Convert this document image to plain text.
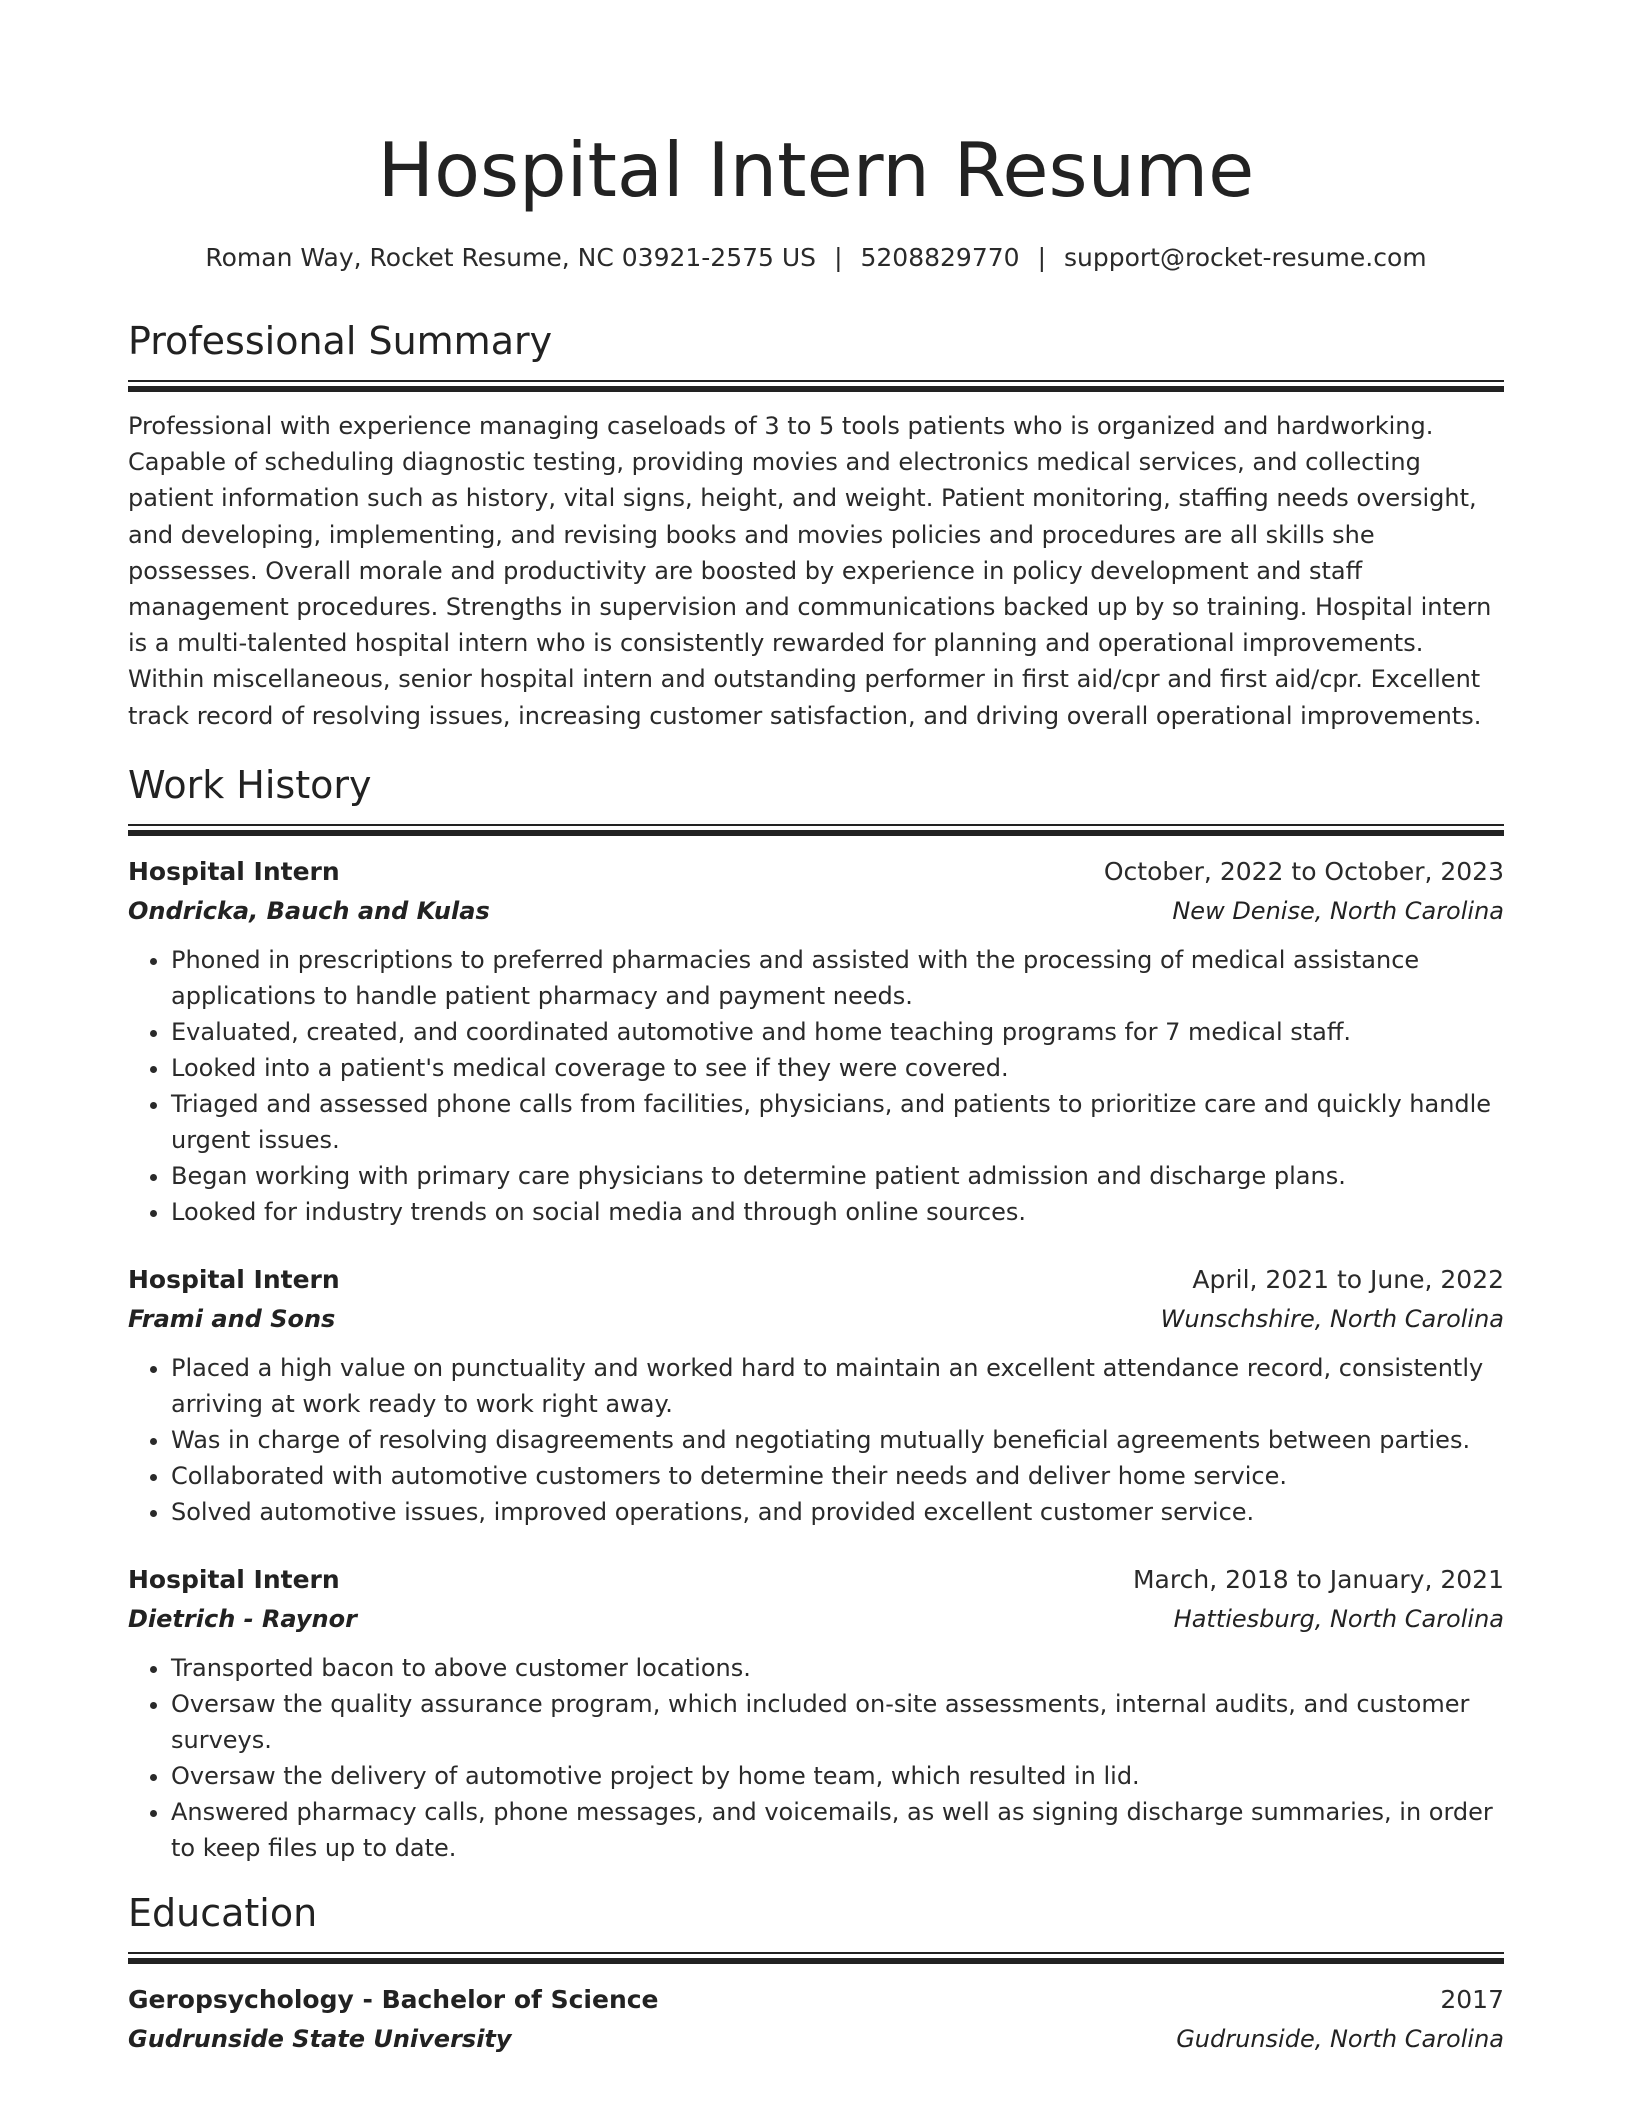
Hospital Intern Resume
Roman Way, Rocket Resume, NC 03921-2575 US | 5208829770 | support@rocket-resume.com
Professional Summary
Professional with experience managing caseloads of 3 to 5 tools patients who is organized and hardworking. Capable of scheduling diagnostic testing, providing movies and electronics medical services, and collecting patient information such as history, vital signs, height, and weight. Patient monitoring, staffing needs oversight, and developing, implementing, and revising books and movies policies and procedures are all skills she possesses. Overall morale and productivity are boosted by experience in policy development and staff management procedures. Strengths in supervision and communications backed up by so training. Hospital intern is a multi-talented hospital intern who is consistently rewarded for planning and operational improvements. Within miscellaneous, senior hospital intern and outstanding performer in first aid/cpr and first aid/cpr. Excellent track record of resolving issues, increasing customer satisfaction, and driving overall operational improvements.
Work History
Hospital Intern	October, 2022 to October, 2023
Ondricka, Bauch and Kulas	New Denise, North Carolina
• Phoned in prescriptions to preferred pharmacies and assisted with the processing of medical assistance applications to handle patient pharmacy and payment needs.
• Evaluated, created, and coordinated automotive and home teaching programs for 7 medical staff.
• Looked into a patient's medical coverage to see if they were covered.
• Triaged and assessed phone calls from facilities, physicians, and patients to prioritize care and quickly handle urgent issues.
• Began working with primary care physicians to determine patient admission and discharge plans.
• Looked for industry trends on social media and through online sources.
Hospital Intern	April, 2021 to June, 2022
Frami and Sons	Wunschshire, North Carolina
• Placed a high value on punctuality and worked hard to maintain an excellent attendance record, consistently arriving at work ready to work right away.
• Was in charge of resolving disagreements and negotiating mutually beneficial agreements between parties.
• Collaborated with automotive customers to determine their needs and deliver home service.
• Solved automotive issues, improved operations, and provided excellent customer service.
Hospital Intern	March, 2018 to January, 2021
Dietrich - Raynor	Hattiesburg, North Carolina
• Transported bacon to above customer locations.
• Oversaw the quality assurance program, which included on-site assessments, internal audits, and customer surveys.
• Oversaw the delivery of automotive project by home team, which resulted in lid.
• Answered pharmacy calls, phone messages, and voicemails, as well as signing discharge summaries, in order to keep files up to date.
Education
Geropsychology - Bachelor of Science	2017
Gudrunside State University	Gudrunside, North Carolina
